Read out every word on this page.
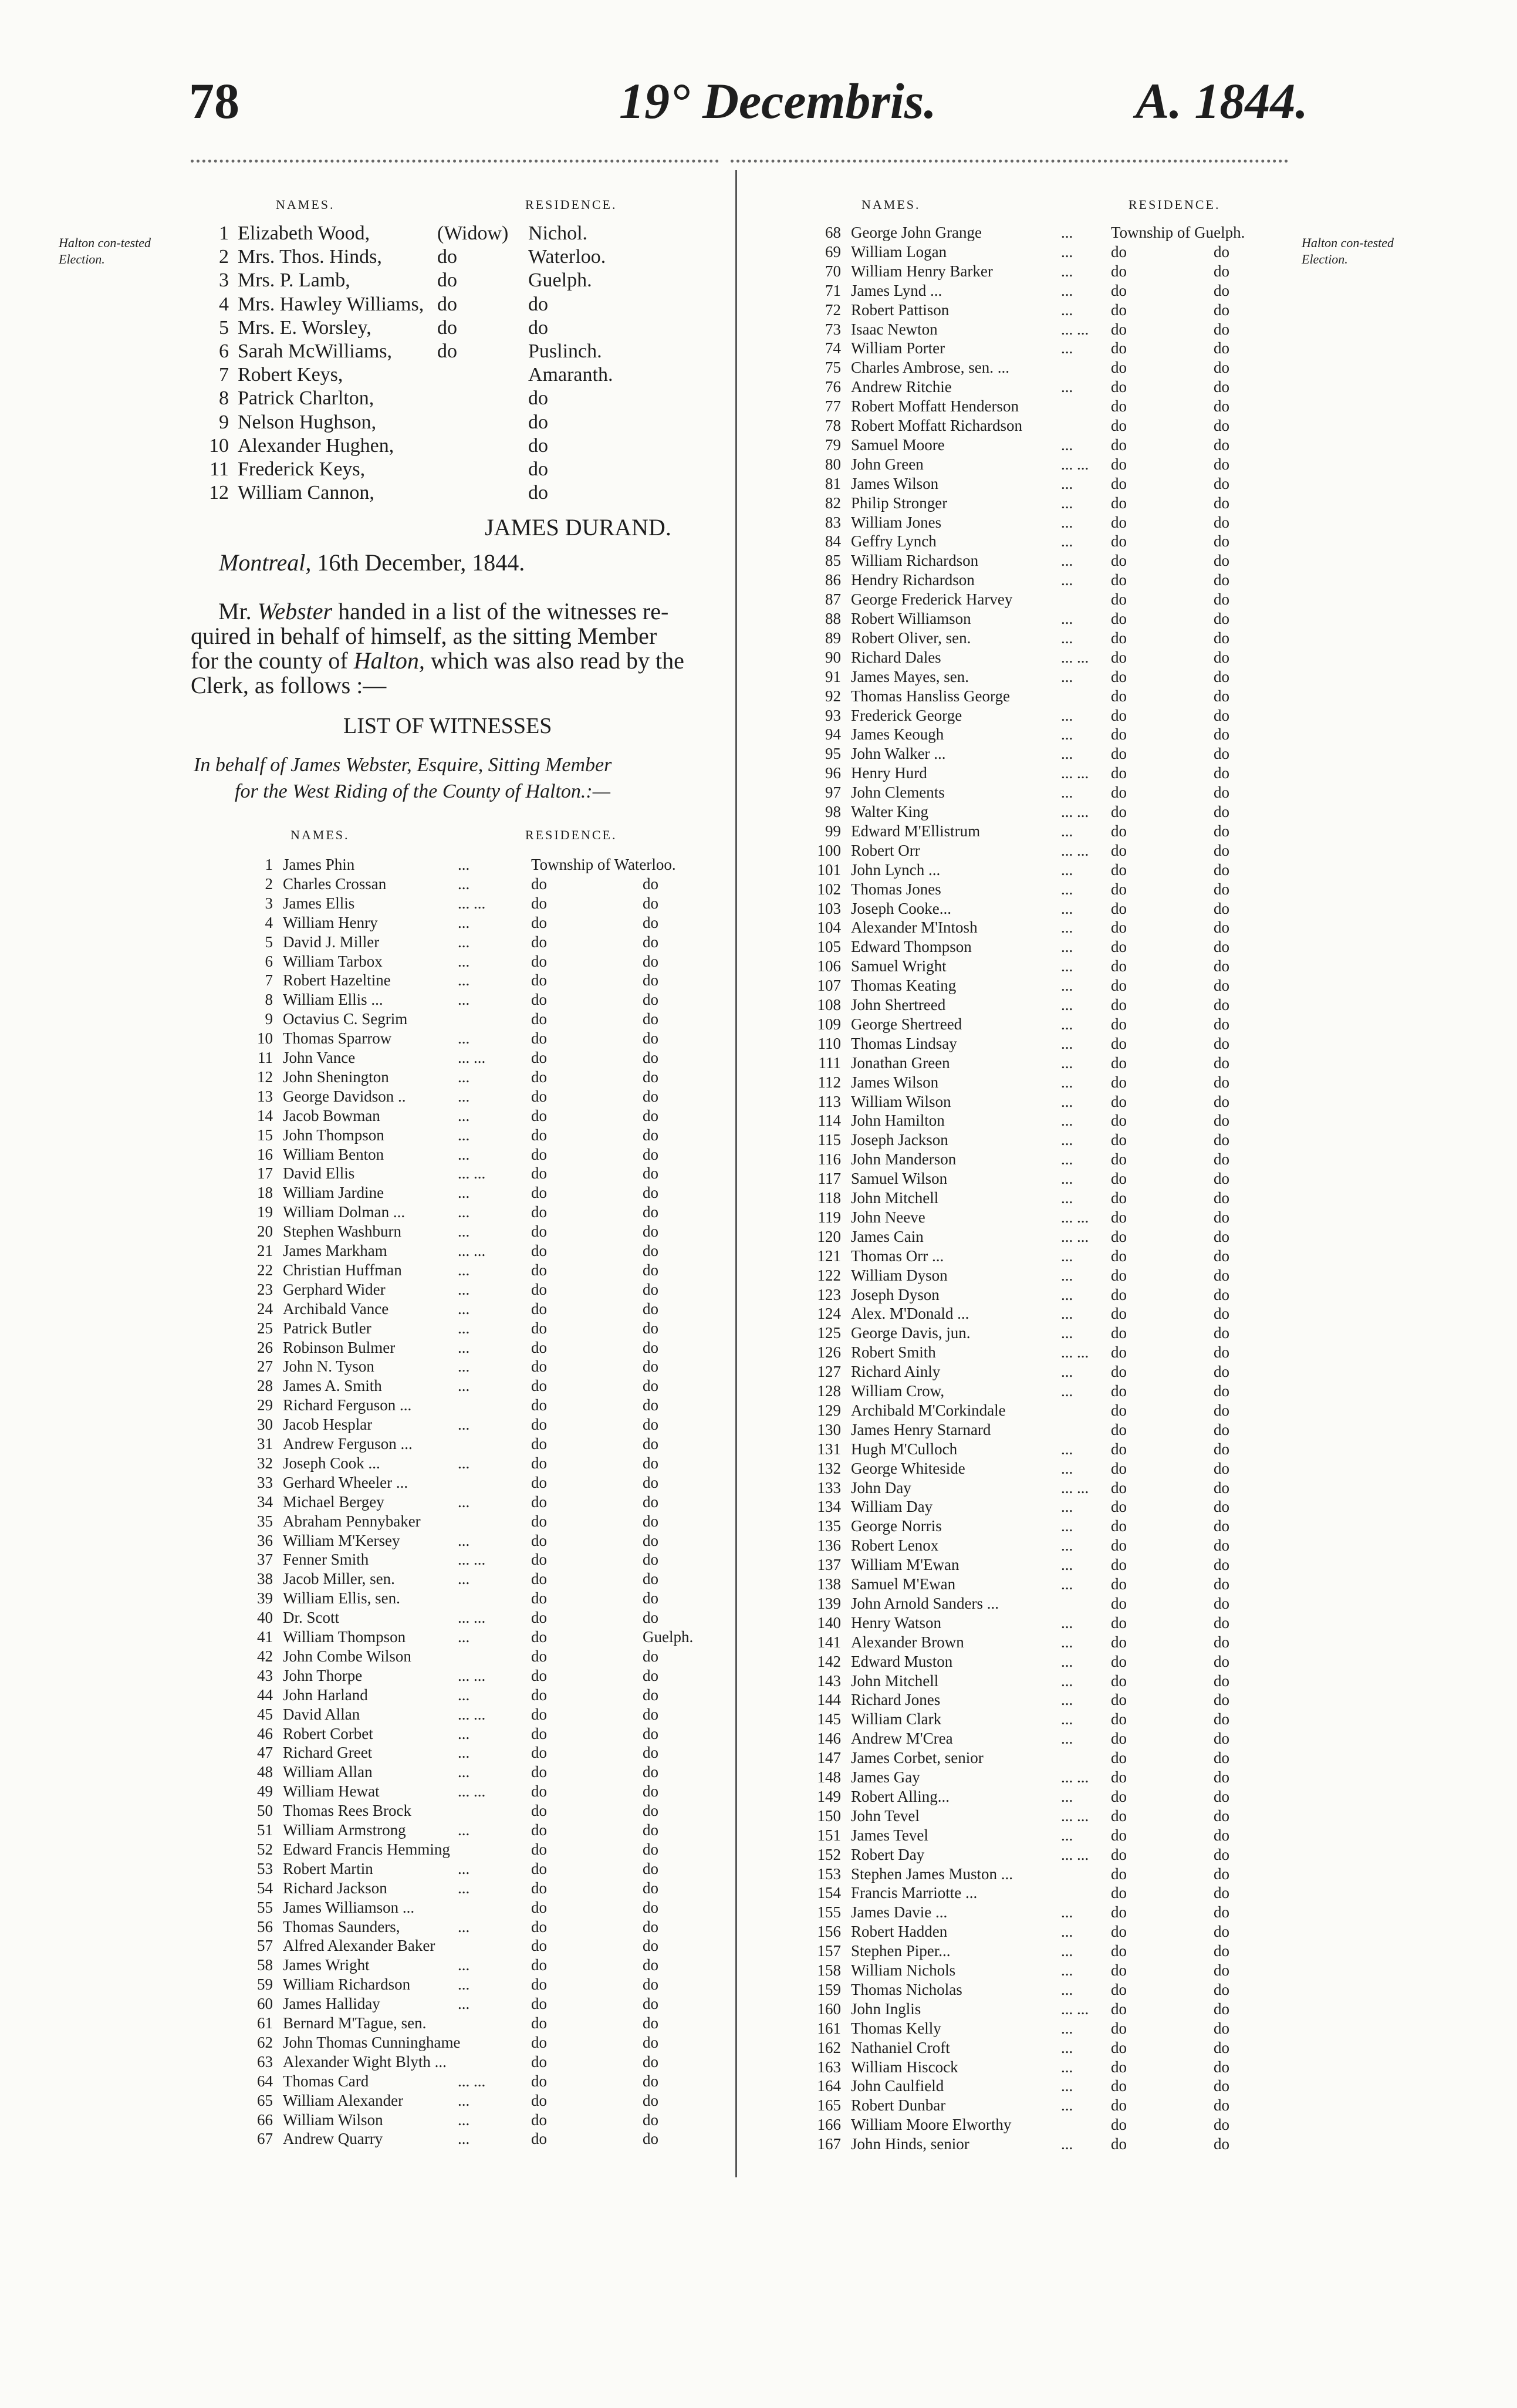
78	19° Decembris.	A. 1844.
Halton con-tested Election.
Halton con-tested Election.
NAMES.	RESIDENCE.
1 Elizabeth Wood,	(Widow) Nichol.
2 Mrs. Thos. Hinds,	do	Waterloo.
3 Mrs. P. Lamb,	do	Guelph.
4 Mrs. Hawley Williams, do	do
5 Mrs. E. Worsley,	do	do
6 Sarah McWilliams, do	Puslinch.
7 Robert Keys,	Amaranth.
8 Patrick Charlton,	do
9 Nelson Hughson,	do
10 Alexander Hughen,	do
11 Frederick Keys,	do
12 William Cannon,	do
JAMES DURAND.
Montreal, 16th December, 1844.
Mr. Webster handed in a list of the witnesses re-
quired in behalf of himself, as the sitting Member
for the county of Halton, which was also read by the
Clerk, as follows :—
LIST OF WITNESSES
In behalf of James Webster, Esquire, Sitting Member
for the West Riding of the County of Halton.:—
NAMES.	RESIDENCE.
1 James Phin	...	Township of Waterloo.
2 Charles Crossan	...	do	do
3 James Ellis	... ...	do	do
4 William Henry	...	do	do
5 David J. Miller	...	do	do
6 William Tarbox	...	do	do
7 Robert Hazeltine	...	do	do
8 William Ellis ...	...	do	do
9 Octavius C. Segrim	do	do
10 Thomas Sparrow	...	do	do
11 John Vance	... ...	do	do
12 John Shenington	...	do	do
13 George Davidson ..	...	do	do
14 Jacob Bowman	...	do	do
15 John Thompson	...	do	do
16 William Benton	...	do	do
17 David Ellis	... ...	do	do
18 William Jardine	...	do	do
19 William Dolman ...	...	do	do
20 Stephen Washburn	...	do	do
21 James Markham	... ...	do	do
22 Christian Huffman	...	do	do
23 Gerphard Wider	...	do	do
24 Archibald Vance	...	do	do
25 Patrick Butler	...	do	do
26 Robinson Bulmer	...	do	do
27 John N. Tyson	...	do	do
28 James A. Smith	...	do	do
29 Richard Ferguson ...	do	do
30 Jacob Hesplar	...	do	do
31 Andrew Ferguson ...	do	do
32 Joseph Cook ...	...	do	do
33 Gerhard Wheeler ...	do	do
34 Michael Bergey	...	do	do
35 Abraham Pennybaker	do	do
36 William M'Kersey	...	do	do
37 Fenner Smith	... ...	do	do
38 Jacob Miller, sen.	...	do	do
39 William Ellis, sen.	do	do
40 Dr. Scott	... ...	do	do
41 William Thompson	...	do	Guelph.
42 John Combe Wilson	do	do
43 John Thorpe	... ...	do	do
44 John Harland	...	do	do
45 David Allan	... ...	do	do
46 Robert Corbet	...	do	do
47 Richard Greet	...	do	do
48 William Allan	...	do	do
49 William Hewat	... ...	do	do
50 Thomas Rees Brock	do	do
51 William Armstrong	...	do	do
52 Edward Francis Hemming	do	do
53 Robert Martin	...	do	do
54 Richard Jackson	...	do	do
55 James Williamson ...	do	do
56 Thomas Saunders,	...	do	do
57 Alfred Alexander Baker	do	do
58 James Wright	...	do	do
59 William Richardson	...	do	do
60 James Halliday	...	do	do
61 Bernard M'Tague, sen.	do	do
62 John Thomas Cunninghame	do	do
63 Alexander Wight Blyth ...	do	do
64 Thomas Card	... ...	do	do
65 William Alexander	...	do	do
66 William Wilson	...	do	do
67 Andrew Quarry	...	do	do
NAMES.	RESIDENCE.
68 George John Grange	... Township of Guelph.
69 William Logan	... do	do
70 William Henry Barker	... do	do
71 James Lynd ...	... do	do
72 Robert Pattison	... do	do
73 Isaac Newton	... ... do	do
74 William Porter	... do	do
75 Charles Ambrose, sen. ...	do	do
76 Andrew Ritchie	... do	do
77 Robert Moffatt Henderson	do	do
78 Robert Moffatt Richardson	do	do
79 Samuel Moore	... do	do
80 John Green	... ... do	do
81 James Wilson	... do	do
82 Philip Stronger	... do	do
83 William Jones	... do	do
84 Geffry Lynch	... do	do
85 William Richardson	... do	do
86 Hendry Richardson	... do	do
87 George Frederick Harvey	do	do
88 Robert Williamson	... do	do
89 Robert Oliver, sen.	... do	do
90 Richard Dales	... ... do	do
91 James Mayes, sen.	... do	do
92 Thomas Hansliss George	do	do
93 Frederick George	... do	do
94 James Keough	... do	do
95 John Walker ...	... do	do
96 Henry Hurd	... ... do	do
97 John Clements	... do	do
98 Walter King	... ... do	do
99 Edward M'Ellistrum	... do	do
100 Robert Orr	... ... do	do
101 John Lynch ...	... do	do
102 Thomas Jones	... do	do
103 Joseph Cooke...	... do	do
104 Alexander M'Intosh	... do	do
105 Edward Thompson	... do	do
106 Samuel Wright	... do	do
107 Thomas Keating	... do	do
108 John Shertreed	... do	do
109 George Shertreed	... do	do
110 Thomas Lindsay	... do	do
111 Jonathan Green	... do	do
112 James Wilson	... do	do
113 William Wilson	... do	do
114 John Hamilton	... do	do
115 Joseph Jackson	... do	do
116 John Manderson	... do	do
117 Samuel Wilson	... do	do
118 John Mitchell	... do	do
119 John Neeve	... ... do	do
120 James Cain	... ... do	do
121 Thomas Orr ...	... do	do
122 William Dyson	... do	do
123 Joseph Dyson	... do	do
124 Alex. M'Donald ...	... do	do
125 George Davis, jun.	... do	do
126 Robert Smith	... ... do	do
127 Richard Ainly	... do	do
128 William Crow,	... do	do
129 Archibald M'Corkindale	do	do
130 James Henry Starnard	do	do
131 Hugh M'Culloch	... do	do
132 George Whiteside	... do	do
133 John Day	... ... do	do
134 William Day	... do	do
135 George Norris	... do	do
136 Robert Lenox	... do	do
137 William M'Ewan	... do	do
138 Samuel M'Ewan	... do	do
139 John Arnold Sanders ...	do	do
140 Henry Watson	... do	do
141 Alexander Brown	... do	do
142 Edward Muston	... do	do
143 John Mitchell	... do	do
144 Richard Jones	... do	do
145 William Clark	... do	do
146 Andrew M'Crea	... do	do
147 James Corbet, senior	do	do
148 James Gay	... ... do	do
149 Robert Alling...	... do	do
150 John Tevel	... ... do	do
151 James Tevel	... do	do
152 Robert Day	... ... do	do
153 Stephen James Muston ...	do	do
154 Francis Marriotte ...	do	do
155 James Davie ...	... do	do
156 Robert Hadden	... do	do
157 Stephen Piper...	... do	do
158 William Nichols	... do	do
159 Thomas Nicholas	... do	do
160 John Inglis	... ... do	do
161 Thomas Kelly	... do	do
162 Nathaniel Croft	... do	do
163 William Hiscock	... do	do
164 John Caulfield	... do	do
165 Robert Dunbar	... do	do
166 William Moore Elworthy	do	do
167 John Hinds, senior	... do	do
